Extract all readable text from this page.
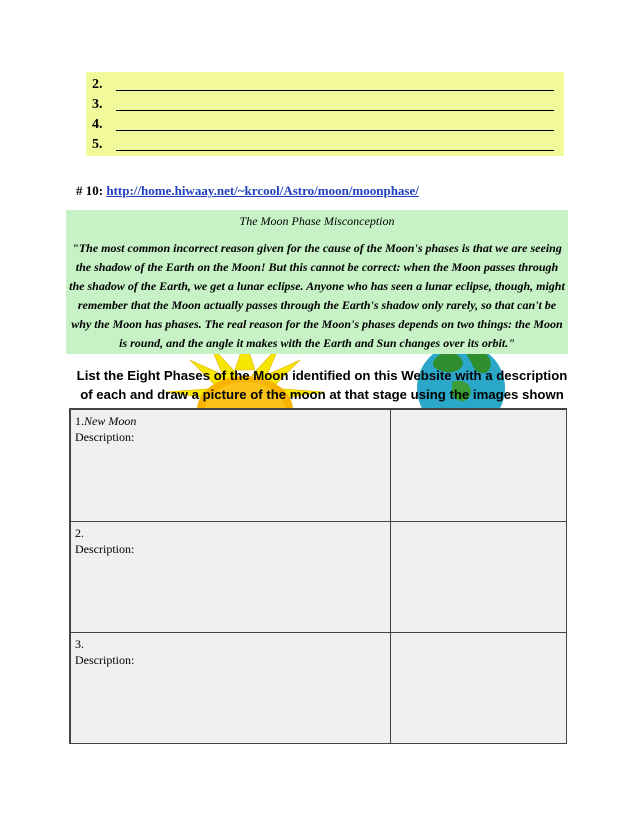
2.
3.
4.
5.
# 10: http://home.hiwaay.net/~krcool/Astro/moon/moonphase/
The Moon Phase Misconception
"The most common incorrect reason given for the cause of the Moon's phases is that we are seeing the shadow of the Earth on the Moon! But this cannot be correct: when the Moon passes through the shadow of the Earth, we get a lunar eclipse. Anyone who has seen a lunar eclipse, though, might remember that the Moon actually passes through the Earth's shadow only rarely, so that can't be why the Moon has phases. The real reason for the Moon's phases depends on two things: the Moon is round, and the angle it makes with the Earth and Sun changes over its orbit."
List the Eight Phases of the Moon identified on this Website with a description of each and draw a picture of the moon at that stage using the images shown
1.New Moon
Description:
2.
Description:
3.
Description:
